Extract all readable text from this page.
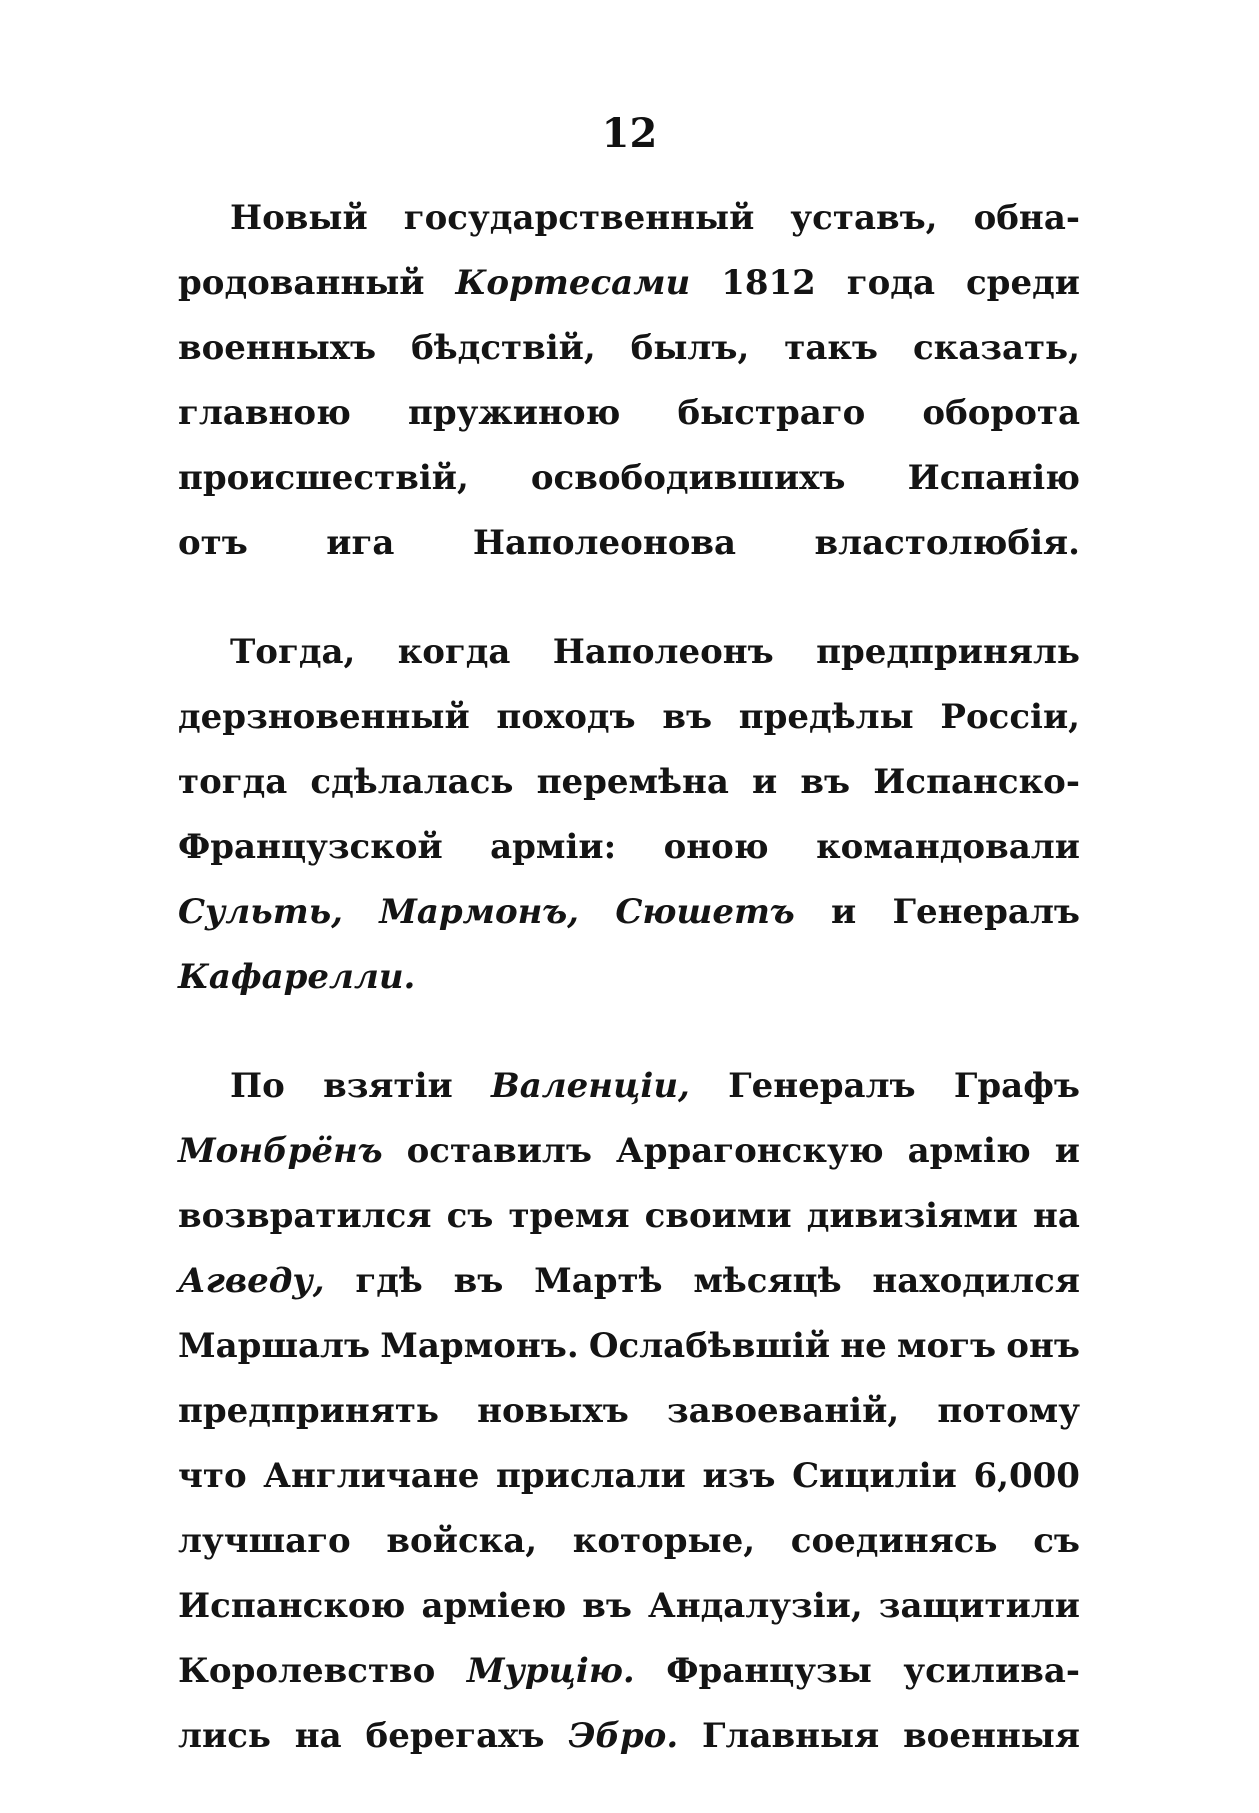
12
Новый государственный уставъ, обна-
родованный Кортесами 1812 года среди
военныхъ бѣдствій, былъ, такъ сказать,
главною пружиною быстраго оборота
происшествій, освободившихъ Испанію
отъ ига Наполеонова властолюбія.
Тогда, когда Наполеонъ предприняль
дерзновенный походъ въ предѣлы Россіи,
тогда сдѣлалась перемѣна и въ Испанско-
Французской арміи: оною командовали
Сульть, Мармонъ, Сюшетъ и Генералъ
Кафарелли.
По взятіи Валенціи, Генералъ Графъ
Монбрёнъ оставилъ Аррагонскую армію и
возвратился съ тремя своими дивизіями на
Агведу, гдѣ въ Мартѣ мѣсяцѣ находился
Маршалъ Мармонъ. Ослабѣвшій не могъ онъ
предпринять новыхъ завоеваній, потому
что Англичане прислали изъ Сициліи 6,000
лучшаго войска, которые, соединясь съ
Испанскою арміею въ Андалузіи, защитили
Королевство Мурцію. Французы усилива-
лись на берегахъ Эбро. Главныя военныя
